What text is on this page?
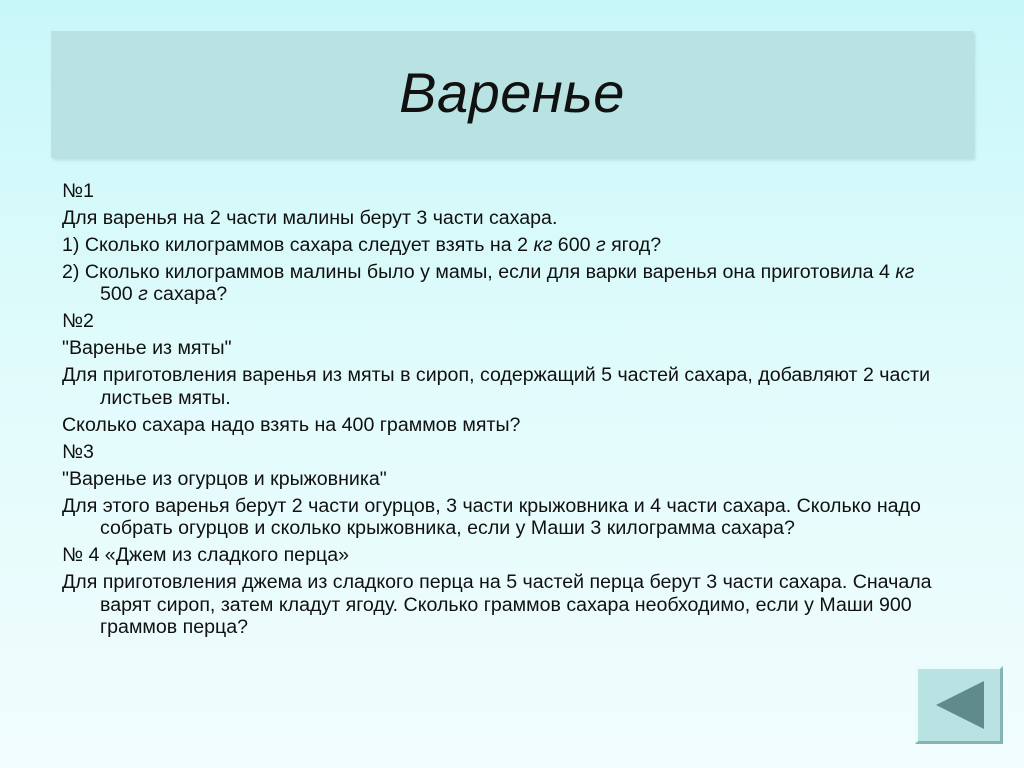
Варенье
№1
Для варенья на 2 части малины берут 3 части сахара.
1) Сколько килограммов сахара следует взять на 2 кг 600 г ягод?
2) Сколько килограммов малины было у мамы, если для варки варенья она приготовила 4 кг 500 г сахара?
№2
"Варенье из мяты"
Для приготовления варенья из мяты в сироп, содержащий 5 частей сахара, добавляют 2 части листьев мяты.
Сколько сахара надо взять на 400 граммов мяты?
№3
"Варенье из огурцов и крыжовника"
Для этого варенья берут 2 части огурцов, 3 части крыжовника и 4 части сахара. Сколько надо собрать огурцов и сколько крыжовника, если у Маши 3 килограмма сахара?
№ 4 «Джем из сладкого перца»
Для приготовления джема из сладкого перца на 5 частей перца берут 3 части сахара. Сначала варят сироп, затем кладут ягоду. Сколько граммов сахара необходимо, если у Маши 900 граммов перца?
